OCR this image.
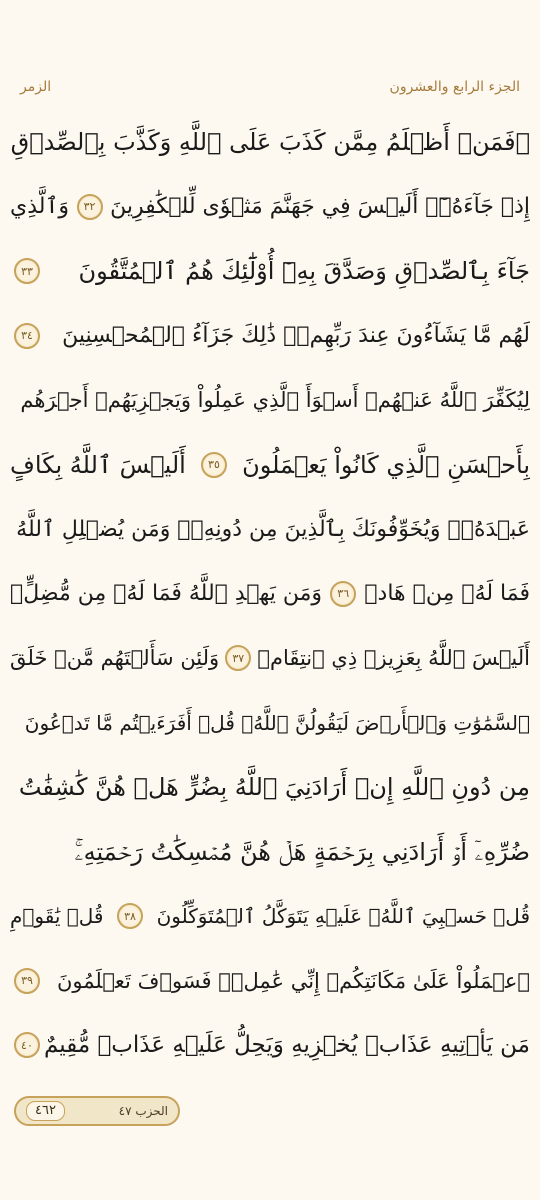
الجزء الرابع والعشرون
الزمر
۞فَمَنۡ أَظۡلَمُ مِمَّن كَذَبَ عَلَى ٱللَّهِ وَكَذَّبَ بِٱلصِّدۡقِ
إِذۡ جَآءَهُۥٓۚ أَلَيۡسَ فِي جَهَنَّمَ مَثۡوٗى لِّلۡكَٰفِرِينَ
٣٢
وَٱلَّذِي
جَآءَ بِٱلصِّدۡقِ وَصَدَّقَ بِهِۦٓ أُوْلَٰٓئِكَ هُمُ ٱلۡمُتَّقُونَ
٣٣
لَهُم مَّا يَشَآءُونَ عِندَ رَبِّهِمۡۚ ذَٰلِكَ جَزَآءُ ٱلۡمُحۡسِنِينَ
٣٤
لِيُكَفِّرَ ٱللَّهُ عَنۡهُمۡ أَسۡوَأَ ٱلَّذِي عَمِلُواْ وَيَجۡزِيَهُمۡ أَجۡرَهُم
بِأَحۡسَنِ ٱلَّذِي كَانُواْ يَعۡمَلُونَ
٣٥
أَلَيۡسَ ٱللَّهُ بِكَافٍ
عَبۡدَهُۥۖ وَيُخَوِّفُونَكَ بِٱلَّذِينَ مِن دُونِهِۦۚ وَمَن يُضۡلِلِ ٱللَّهُ
فَمَا لَهُۥ مِنۡ هَادٖ
٣٦
وَمَن يَهۡدِ ٱللَّهُ فَمَا لَهُۥ مِن مُّضِلٍّۗ
أَلَيۡسَ ٱللَّهُ بِعَزِيزٖ ذِي ٱنتِقَامٖ
٣٧
وَلَئِن سَأَلۡتَهُم مَّنۡ خَلَقَ
ٱلسَّمَٰوَٰتِ وَٱلۡأَرۡضَ لَيَقُولُنَّ ٱللَّهُۚ قُلۡ أَفَرَءَيۡتُم مَّا تَدۡعُونَ
مِن دُونِ ٱللَّهِ إِنۡ أَرَادَنِيَ ٱللَّهُ بِضُرٍّ هَلۡ هُنَّ كَٰشِفَٰتُ
ضُرِّهِۦٓ أَوۡ أَرَادَنِي بِرَحۡمَةٍ هَلۡ هُنَّ مُمۡسِكَٰتُ رَحۡمَتِهِۦۚ
قُلۡ حَسۡبِيَ ٱللَّهُۖ عَلَيۡهِ يَتَوَكَّلُ ٱلۡمُتَوَكِّلُونَ
٣٨
قُلۡ يَٰقَوۡمِ
ٱعۡمَلُواْ عَلَىٰ مَكَانَتِكُمۡ إِنِّي عَٰمِلٞۖ فَسَوۡفَ تَعۡلَمُونَ
٣٩
مَن يَأۡتِيهِ عَذَابٞ يُخۡزِيهِ وَيَحِلُّ عَلَيۡهِ عَذَابٞ مُّقِيمٌ
٤٠
٤٦٢	الحزب ٤٧
